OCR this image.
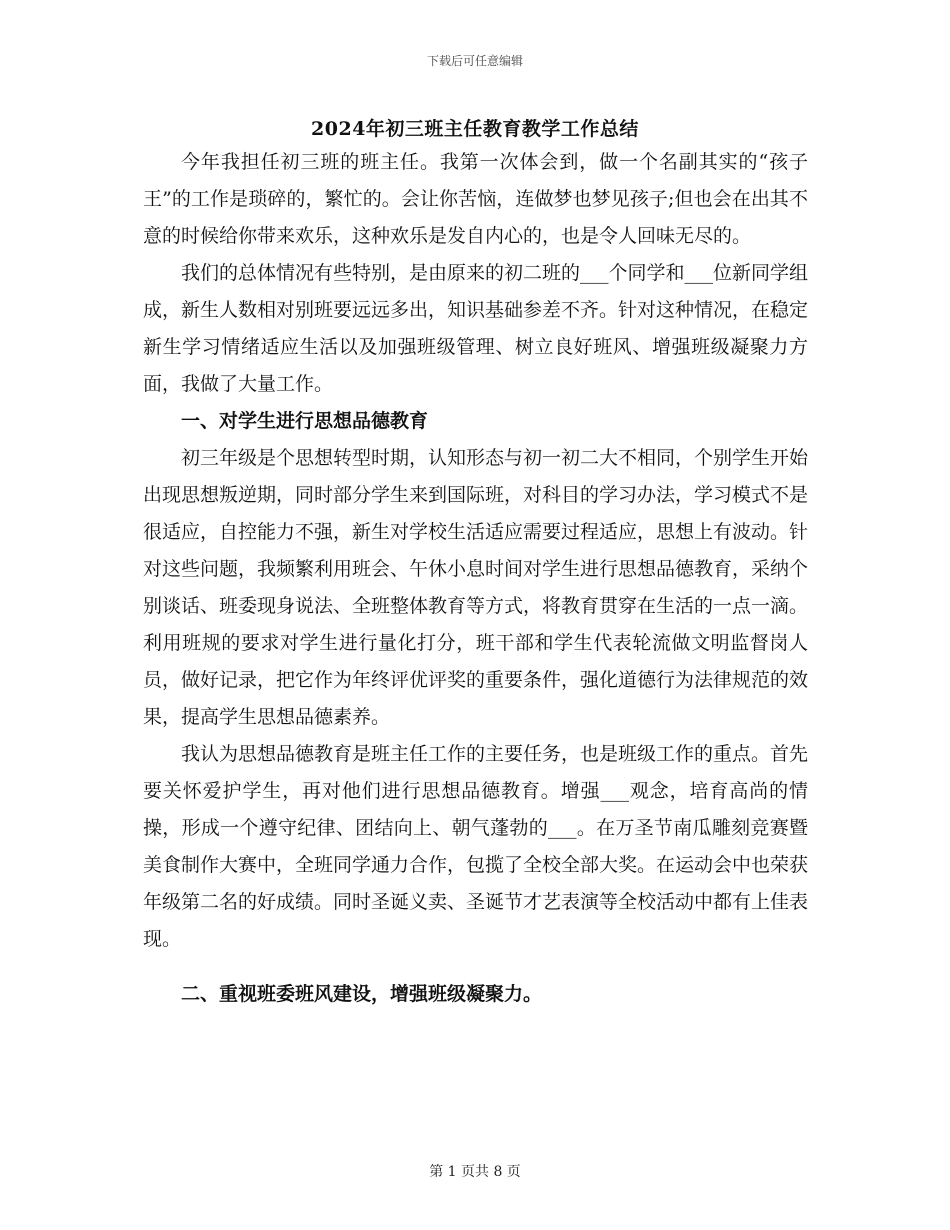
下载后可任意编辑
2024年初三班主任教育教学工作总结

今年我担任初三班的班主任。我第一次体会到，做一个名副其实的“孩子王”的工作是琐碎的，繁忙的。会让你苦恼，连做梦也梦见孩子;但也会在出其不意的时候给你带来欢乐，这种欢乐是发自内心的，也是令人回味无尽的。

我们的总体情况有些特别，是由原来的初二班的___个同学和___位新同学组成，新生人数相对别班要远远多出，知识基础参差不齐。针对这种情况，在稳定新生学习情绪适应生活以及加强班级管理、树立良好班风、增强班级凝聚力方面，我做了大量工作。

一、对学生进行思想品德教育

初三年级是个思想转型时期，认知形态与初一初二大不相同，个别学生开始出现思想叛逆期，同时部分学生来到国际班，对科目的学习办法，学习模式不是很适应，自控能力不强，新生对学校生活适应需要过程适应，思想上有波动。针对这些问题，我频繁利用班会、午休小息时间对学生进行思想品德教育，采纳个别谈话、班委现身说法、全班整体教育等方式，将教育贯穿在生活的一点一滴。利用班规的要求对学生进行量化打分，班干部和学生代表轮流做文明监督岗人员，做好记录，把它作为年终评优评奖的重要条件，强化道德行为法律规范的效果，提高学生思想品德素养。

我认为思想品德教育是班主任工作的主要任务，也是班级工作的重点。首先要关怀爱护学生，再对他们进行思想品德教育。增强___观念，培育高尚的情操，形成一个遵守纪律、团结向上、朝气蓬勃的___。在万圣节南瓜雕刻竞赛暨美食制作大赛中，全班同学通力合作，包揽了全校全部大奖。在运动会中也荣获年级第二名的好成绩。同时圣诞义卖、圣诞节才艺表演等全校活动中都有上佳表现。

二、重视班委班风建设，增强班级凝聚力。

第 1 页共 8 页
